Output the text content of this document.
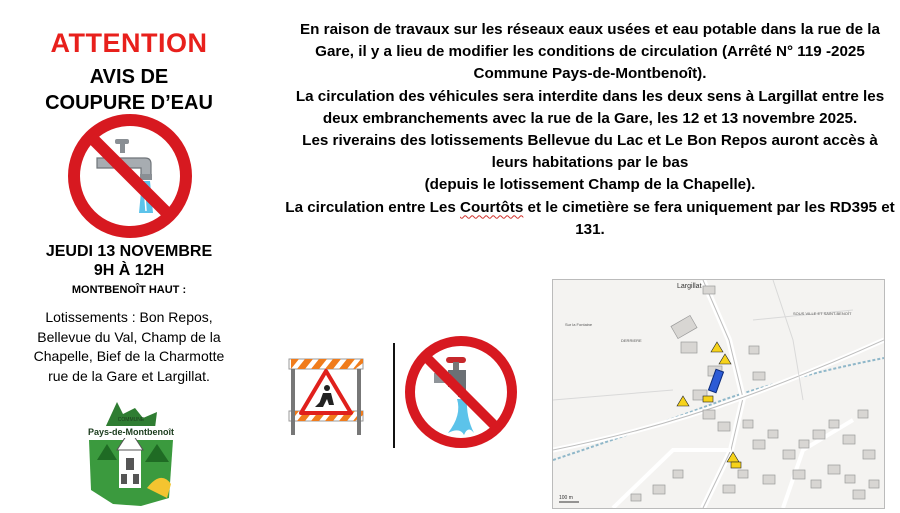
ATTENTION
AVIS DE
COUPURE D’EAU
JEUDI 13 NOVEMBRE
9H À 12H
MONTBENOÎT HAUT :
Lotissements : Bon Repos,
Bellevue du Val, Champ de la
Chapelle, Bief de la Charmotte
rue de la Gare et Largillat.
COMMUNE
Pays-de-Montbenoît

En raison de travaux sur les réseaux eaux usées et eau potable dans la rue de la Gare, il y a lieu de modifier les conditions de circulation (Arrêté N° 119 -2025 Commune Pays-de-Montbenoît).

La circulation des véhicules sera interdite dans les deux sens à Largillat entre les deux embranchements avec la rue de la Gare, les 12 et 13 novembre 2025.

Les riverains des lotissements Bellevue du Lac et Le Bon Repos auront accès à leurs habitations par le bas

(depuis le lotissement Champ de la Chapelle).

La circulation entre Les Courtôts et le cimetière se fera uniquement par les RD395 et 131.

Largillat
SOUS VILLE ET SAINT-BENOÎT
DERRIERE
Sur la Fontaine
100 m
